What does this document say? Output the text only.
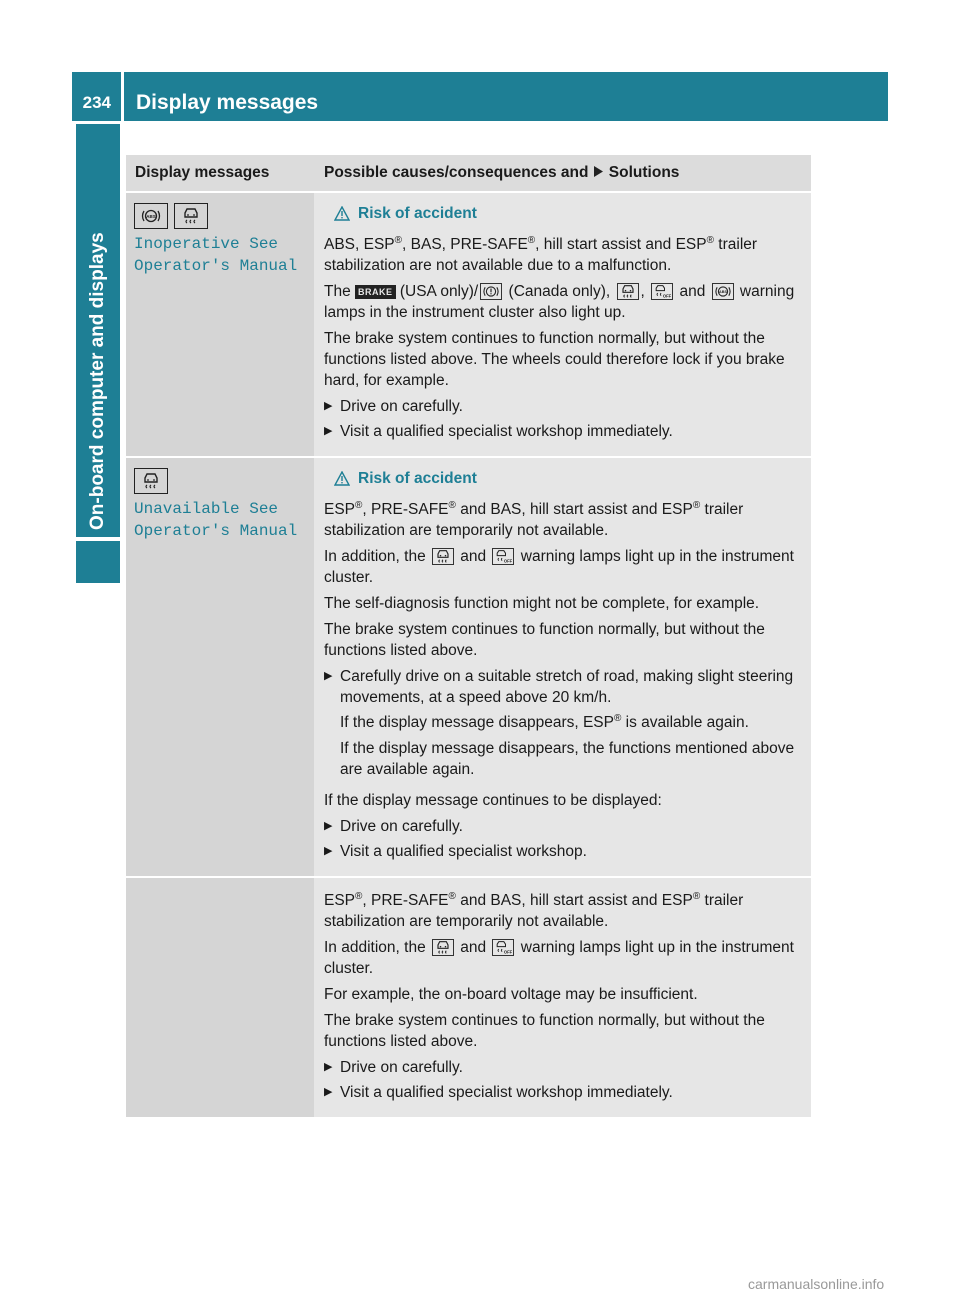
234	Display messages
On-board computer and displays
Display messages	Possible causes/consequences and Solutions
Inoperative See
Operator's Manual
Risk of accident

ABS, ESP®, BAS, PRE-SAFE®, hill start assist and ESP® trailer stabilization are not available due to a malfunction.

The BRAKE (USA only)/
(Canada only),
,
and
warning lamps in the instrument cluster also light up.

The brake system continues to function normally, but without the functions listed above. The wheels could therefore lock if you brake hard, for example.

▶ Drive on carefully.
▶ Visit a qualified specialist workshop immediately.
Unavailable See
Operator's Manual
Risk of accident

ESP®, PRE-SAFE® and BAS, hill start assist and ESP® trailer stabilization are temporarily not available.

In addition, the
and
warning lamps light up in the instrument cluster.

The self-diagnosis function might not be complete, for example.

The brake system continues to function normally, but without the functions listed above.

▶ Carefully drive on a suitable stretch of road, making slight steering movements, at a speed above 20 km/h.

If the display message disappears, ESP® is available again.

If the display message disappears, the functions mentioned above are available again.

If the display message continues to be displayed:

▶ Drive on carefully.
▶ Visit a qualified specialist workshop.

ESP®, PRE-SAFE® and BAS, hill start assist and ESP® trailer stabilization are temporarily not available.

In addition, the
and
warning lamps light up in the instrument cluster.

For example, the on-board voltage may be insufficient.

The brake system continues to function normally, but without the functions listed above.

▶ Drive on carefully.
▶ Visit a qualified specialist workshop immediately.
carmanualsonline.info
